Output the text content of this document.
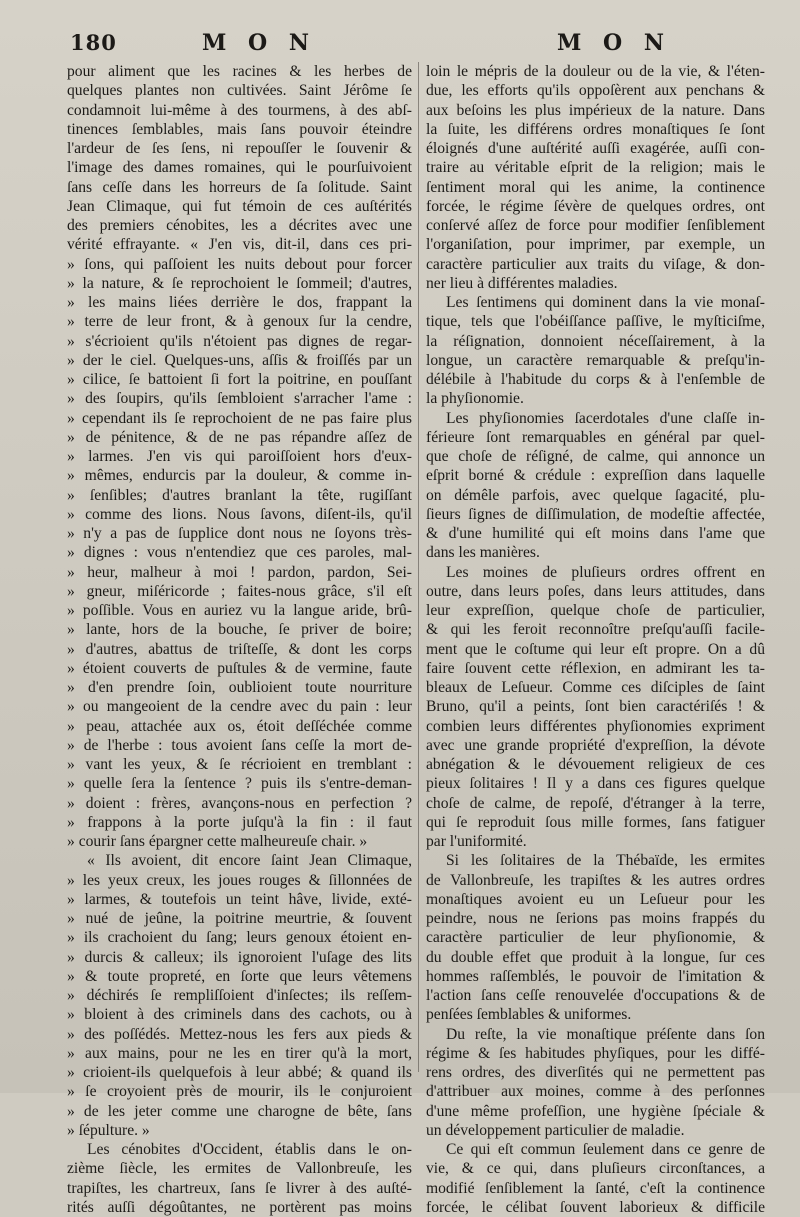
180	M O N	M O N
pour aliment que les racines & les herbes de
quelques plantes non cultivées. Saint Jérôme ſe
condamnoit lui-même à des tourmens, à des abſ-
tinences ſemblables, mais ſans pouvoir éteindre
l'ardeur de ſes ſens, ni repouſſer le ſouvenir &
l'image des dames romaines, qui le pourſuivoient
ſans ceſſe dans les horreurs de ſa ſolitude. Saint
Jean Climaque, qui fut témoin de ces auſtérités
des premiers cénobites, les a décrites avec une
vérité effrayante. « J'en vis, dit-il, dans ces pri-
» ſons, qui paſſoient les nuits debout pour forcer
» la nature, & ſe reprochoient le ſommeil; d'autres,
» les mains liées derrière le dos, frappant la
» terre de leur front, & à genoux ſur la cendre,
» s'écrioient qu'ils n'étoient pas dignes de regar-
» der le ciel. Quelques-uns, aſſis & froiſſés par un
» cilice, ſe battoient ſi fort la poitrine, en pouſſant
» des ſoupirs, qu'ils ſembloient s'arracher l'ame :
» cependant ils ſe reprochoient de ne pas faire plus
» de pénitence, & de ne pas répandre aſſez de
» larmes. J'en vis qui paroiſſoient hors d'eux-
» mêmes, endurcis par la douleur, & comme in-
» ſenſibles; d'autres branlant la tête, rugiſſant
» comme des lions. Nous ſavons, diſent-ils, qu'il
» n'y a pas de ſupplice dont nous ne ſoyons très-
» dignes : vous n'entendiez que ces paroles, mal-
» heur, malheur à moi ! pardon, pardon, Sei-
» gneur, miſéricorde ; faites-nous grâce, s'il eſt
» poſſible. Vous en auriez vu la langue aride, brû-
» lante, hors de la bouche, ſe priver de boire;
» d'autres, abattus de triſteſſe, & dont les corps
» étoient couverts de puſtules & de vermine, faute
» d'en prendre ſoin, oublioient toute nourriture
» ou mangeoient de la cendre avec du pain : leur
» peau, attachée aux os, étoit deſſéchée comme
» de l'herbe : tous avoient ſans ceſſe la mort de-
» vant les yeux, & ſe récrioient en tremblant :
» quelle ſera la ſentence ? puis ils s'entre-deman-
» doient : frères, avançons-nous en perfection ?
» frappons à la porte juſqu'à la fin : il faut
» courir ſans épargner cette malheureuſe chair. »
« Ils avoient, dit encore ſaint Jean Climaque,
» les yeux creux, les joues rouges & ſillonnées de
» larmes, & toutefois un teint hâve, livide, exté-
» nué de jeûne, la poitrine meurtrie, & ſouvent
» ils crachoient du ſang; leurs genoux étoient en-
» durcis & calleux; ils ignoroient l'uſage des lits
» & toute propreté, en ſorte que leurs vêtemens
» déchirés ſe rempliſſoient d'inſectes; ils reſſem-
» bloient à des criminels dans des cachots, ou à
» des poſſédés. Mettez-nous les fers aux pieds &
» aux mains, pour ne les en tirer qu'à la mort,
» crioient-ils quelquefois à leur abbé; & quand ils
» ſe croyoient près de mourir, ils le conjuroient
» de les jeter comme une charogne de bête, ſans
» ſépulture. »
Les cénobites d'Occident, établis dans le on-
zième ſiècle, les ermites de Vallonbreuſe, les
trapiſtes, les chartreux, ſans ſe livrer à des auſté-
rités auſſi dégoûtantes, ne portèrent pas moins
loin le mépris de la douleur ou de la vie, & l'éten-
due, les efforts qu'ils oppoſèrent aux penchans &
aux beſoins les plus impérieux de la nature. Dans
la ſuite, les différens ordres monaſtiques ſe ſont
éloignés d'une auſtérité auſſi exagérée, auſſi con-
traire au véritable eſprit de la religion; mais le
ſentiment moral qui les anime, la continence
forcée, le régime ſévère de quelques ordres, ont
conſervé aſſez de force pour modifier ſenſiblement
l'organiſation, pour imprimer, par exemple, un
caractère particulier aux traits du viſage, & don-
ner lieu à différentes maladies.
Les ſentimens qui dominent dans la vie monaſ-
tique, tels que l'obéiſſance paſſive, le myſticiſme,
la réſignation, donnoient néceſſairement, à la
longue, un caractère remarquable & preſqu'in-
délébile à l'habitude du corps & à l'enſemble de
la phyſionomie.
Les phyſionomies ſacerdotales d'une claſſe in-
férieure ſont remarquables en général par quel-
que choſe de réſigné, de calme, qui annonce un
eſprit borné & crédule : expreſſion dans laquelle
on démêle parfois, avec quelque ſagacité, plu-
ſieurs ſignes de diſſimulation, de modeſtie affectée,
& d'une humilité qui eſt moins dans l'ame que
dans les manières.
Les moines de pluſieurs ordres offrent en
outre, dans leurs poſes, dans leurs attitudes, dans
leur expreſſion, quelque choſe de particulier,
& qui les feroit reconnoître preſqu'auſſi facile-
ment que le coſtume qui leur eſt propre. On a dû
faire ſouvent cette réflexion, en admirant les ta-
bleaux de Leſueur. Comme ces diſciples de ſaint
Bruno, qu'il a peints, ſont bien caractériſés ! &
combien leurs différentes phyſionomies expriment
avec une grande propriété d'expreſſion, la dévote
abnégation & le dévouement religieux de ces
pieux ſolitaires ! Il y a dans ces figures quelque
choſe de calme, de repoſé, d'étranger à la terre,
qui ſe reproduit ſous mille formes, ſans fatiguer
par l'uniformité.
Si les ſolitaires de la Thébaïde, les ermites
de Vallonbreuſe, les trapiſtes & les autres ordres
monaſtiques avoient eu un Leſueur pour les
peindre, nous ne ſerions pas moins frappés du
caractère particulier de leur phyſionomie, &
du double effet que produit à la longue, ſur ces
hommes raſſemblés, le pouvoir de l'imitation &
l'action ſans ceſſe renouvelée d'occupations & de
penſées ſemblables & uniformes.
Du reſte, la vie monaſtique préſente dans ſon
régime & ſes habitudes phyſiques, pour les diffé-
rens ordres, des diverſités qui ne permettent pas
d'attribuer aux moines, comme à des perſonnes
d'une même profeſſion, une hygiène ſpéciale &
un développement particulier de maladie.
Ce qui eſt commun ſeulement dans ce genre de
vie, & ce qui, dans pluſieurs circonſtances, a
modifié ſenſiblement la ſanté, c'eſt la continence
forcée, le célibat ſouvent laborieux & difficile
